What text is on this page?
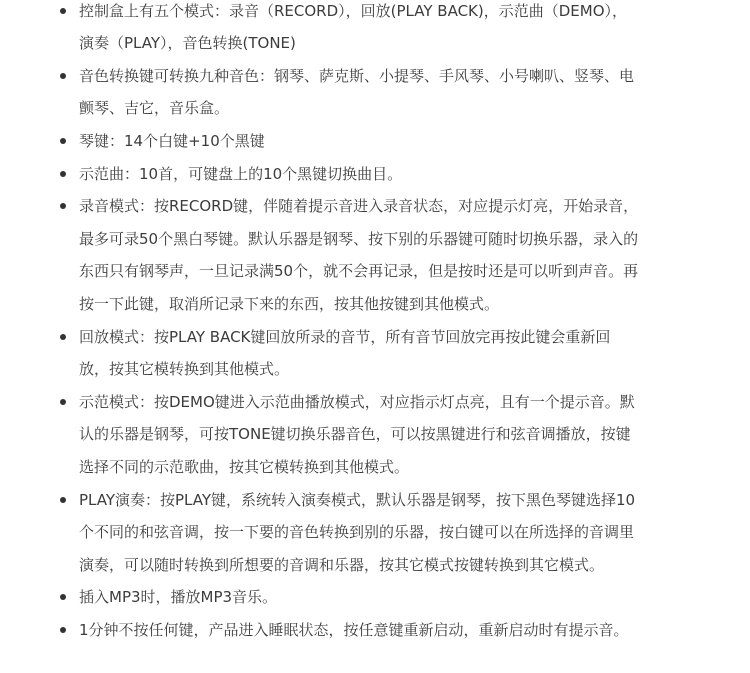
控制盒上有五个模式：录音（RECORD），回放(PLAY BACK)，示范曲（DEMO），
演奏（PLAY），音色转换(TONE)
音色转换键可转换九种音色：钢琴、萨克斯、小提琴、手风琴、小号喇叭、竖琴、电
颤琴、吉它，音乐盒。
琴键：14个白键+10个黑键
示范曲：10首，可键盘上的10个黑键切换曲目。
录音模式：按RECORD键，伴随着提示音进入录音状态，对应提示灯亮，开始录音，
最多可录50个黑白琴键。默认乐器是钢琴、按下别的乐器键可随时切换乐器，录入的
东西只有钢琴声，一旦记录满50个，就不会再记录，但是按时还是可以听到声音。再
按一下此键，取消所记录下来的东西，按其他按键到其他模式。
回放模式：按PLAY BACK键回放所录的音节，所有音节回放完再按此键会重新回
放，按其它模转换到其他模式。
示范模式：按DEMO键进入示范曲播放模式，对应指示灯点亮，且有一个提示音。默
认的乐器是钢琴，可按TONE键切换乐器音色，可以按黑键进行和弦音调播放，按键
选择不同的示范歌曲，按其它模转换到其他模式。
PLAY演奏：按PLAY键，系统转入演奏模式，默认乐器是钢琴，按下黑色琴键选择10
个不同的和弦音调，按一下要的音色转换到别的乐器，按白键可以在所选择的音调里
演奏，可以随时转换到所想要的音调和乐器，按其它模式按键转换到其它模式。
插入MP3时，播放MP3音乐。
1分钟不按任何键，产品进入睡眠状态，按任意键重新启动，重新启动时有提示音。
